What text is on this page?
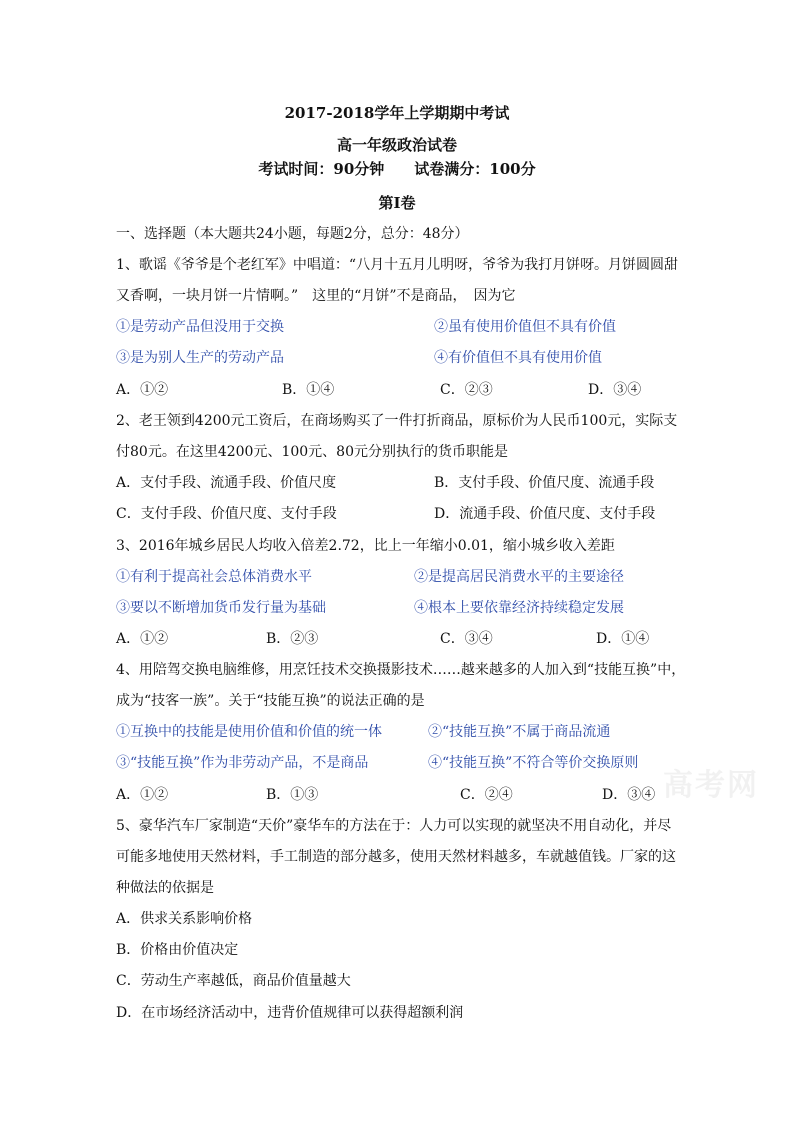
2017-2018学年上学期期中考试
高一年级政治试卷
考试时间：90分钟　　试卷满分：100分
第Ⅰ卷
一、选择题（本大题共24小题，每题2分，总分：48分）
1、歌谣《爷爷是个老红军》中唱道：“八月十五月儿明呀，爷爷为我打月饼呀。月饼圆圆甜
又香啊，一块月饼一片情啊。”　这里的“月饼”不是商品，　因为它
①是劳动产品但没用于交换	②虽有使用价值但不具有价值
③是为别人生产的劳动产品	④有价值但不具有使用价值
A．①②	B．①④	C．②③	D．③④
2、老王领到4200元工资后，在商场购买了一件打折商品，原标价为人民币100元，实际支
付80元。在这里4200元、100元、80元分别执行的货币职能是
A．支付手段、流通手段、价值尺度	B．支付手段、价值尺度、流通手段
C．支付手段、价值尺度、支付手段	D．流通手段、价值尺度、支付手段
3、2016年城乡居民人均收入倍差2.72，比上一年缩小0.01，缩小城乡收入差距
①有利于提高社会总体消费水平	②是提高居民消费水平的主要途径
③要以不断增加货币发行量为基础	④根本上要依靠经济持续稳定发展
A．①②	B．②③	C．③④	D．①④
4、用陪驾交换电脑维修，用烹饪技术交换摄影技术……越来越多的人加入到“技能互换”中，
成为“技客一族”。关于“技能互换”的说法正确的是
①互换中的技能是使用价值和价值的统一体	②“技能互换”不属于商品流通
③“技能互换”作为非劳动产品，不是商品	④“技能互换”不符合等价交换原则
A．①②	B．①③	C．②④	D．③④
5、豪华汽车厂家制造“天价”豪华车的方法在于：人力可以实现的就坚决不用自动化，并尽
可能多地使用天然材料，手工制造的部分越多，使用天然材料越多，车就越值钱。厂家的这
种做法的依据是
A．供求关系影响价格
B．价格由价值决定
C．劳动生产率越低，商品价值量越大
D．在市场经济活动中，违背价值规律可以获得超额利润
高考网
